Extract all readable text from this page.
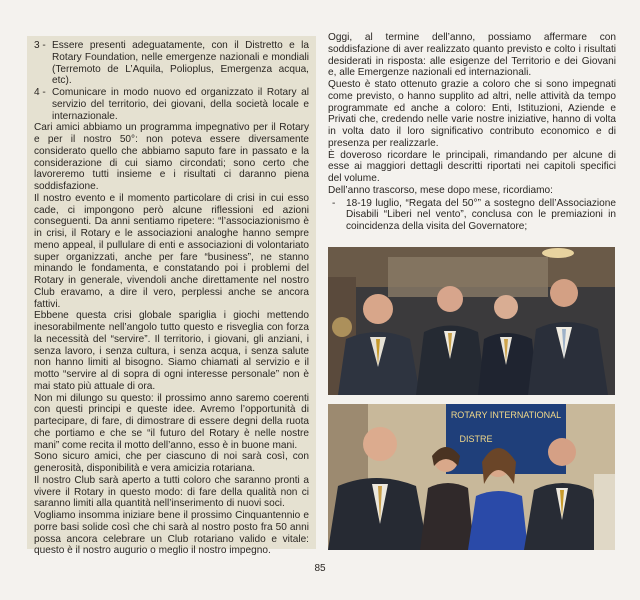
3 - Essere presenti adeguatamente, con il Distretto e la Rotary Foundation, nelle emergenze nazionali e mondiali (Terremoto de L’Aquila, Polioplus, Emergenza acqua, etc).
4 - Comunicare in modo nuovo ed organizzato il Rotary al servizio del territorio, dei giovani, della società locale e internazionale.

Cari amici abbiamo un programma impegnativo per il Rotary e per il nostro 50°: non poteva essere diversamente considerato quello che abbiamo saputo fare in passato e la considerazione di cui siamo circondati; sono certo che lavoreremo tutti insieme e i risultati ci daranno piena soddisfazione.

Il nostro evento e il momento particolare di crisi in cui esso cade, ci impongono però alcune riflessioni ed azioni conseguenti. Da anni sentiamo ripetere: “l’associazionismo è in crisi, il Rotary e le associazioni analoghe hanno sempre meno appeal, il pullulare di enti e associazioni di volontariato super organizzati, anche per fare “business”, ne stanno minando le fondamenta, e constatando poi i problemi del Rotary in generale, vivendoli anche direttamente nel nostro Club eravamo, a dire il vero, perplessi anche se ancora fattivi.

Ebbene questa crisi globale sparigliа i giochi mettendo inesorabilmente nell’angolo tutto questo e risveglia con forza la necessità del “servire”. Il territorio, i giovani, gli anziani, i senza lavoro, i senza cultura, i senza acqua, i senza salute non hanno limiti al bisogno. Siamo chiamati al servizio e il motto “servire al di sopra di ogni interesse personale” non è mai stato più attuale di ora.

Non mi dilungo su questo: il prossimo anno saremo coerenti con questi principi e queste idee. Avremo l’opportunità di partecipare, di fare, di dimostrare di essere degni della ruota che portiamo e che se “il futuro del Rotary è nelle nostre mani” come recita il motto dell’anno, esso è in buone mani.

Sono sicuro amici, che per ciascuno di noi sarà così, con generosità, disponibilità e vera amicizia rotariana.

Il nostro Club sarà aperto a tutti coloro che saranno pronti a vivere il Rotary in questo modo: di fare della qualità non ci saranno limiti alla quantità nell’inserimento di nuovi soci.

Vogliamo insomma iniziare bene il prossimo Cinquantennio e porre basi solide così che chi sarà al nostro posto fra 50 anni possa ancora celebrare un Club rotariano valido e vitale: questo è il nostro augurio o meglio il nostro impegno.

Oggi, al termine dell’anno, possiamo affermare con soddisfazione di aver realizzato quanto previsto e colto i risultati desiderati in risposta: alle esigenze del Territorio e dei Giovani e, alle Emergenze nazionali ed internazionali.

Questo è stato ottenuto grazie a coloro che si sono impegnati come previsto, o hanno supplito ad altri, nelle attività da tempo programmate ed anche a coloro: Enti, Istituzioni, Aziende e Privati che, credendo nelle varie nostre iniziative, hanno di volta in volta dato il loro significativo contributo economico e di presenza per realizzarle.

È doveroso ricordare le principali, rimandando per alcune di esse ai maggiori dettagli descritti riportati nei capitoli specifici del volume.

Dell’anno trascorso, mese dopo mese, ricordiamo:

-	18-19 luglio, “Regata del 50°” a sostegno dell’Associazione Disabili “Liberi nel vento”, conclusa con le premiazioni in coincidenza della visita del Governatore;
ROTARY INTERNATIONAL
DISTRE
85
